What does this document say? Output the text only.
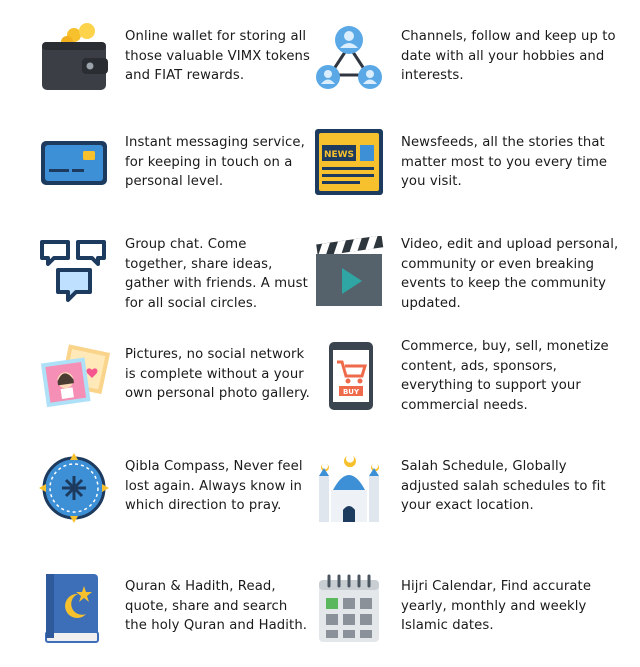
Online wallet for storing all those valuable VIMX tokens and FIAT rewards.
Channels, follow and keep up to date with all your hobbies and interests.
Instant messaging service, for keeping in touch on a personal level.
NEWS
Newsfeeds, all the stories that matter most to you every time you visit.
Group chat. Come together, share ideas, gather with friends. A must for all social circles.
Video, edit and upload personal, community or even breaking events to keep the community updated.
Pictures, no social network is complete without a your own personal photo gallery.	BUY
Commerce, buy, sell, monetize content, ads, sponsors, everything to support your commercial needs.
Qibla Compass, Never feel lost again. Always know in which direction to pray.
Salah Schedule, Globally adjusted salah schedules to fit your exact location.
Quran & Hadith, Read, quote, share and search the holy Quran and Hadith.
Hijri Calendar, Find accurate yearly, monthly and weekly Islamic dates.
